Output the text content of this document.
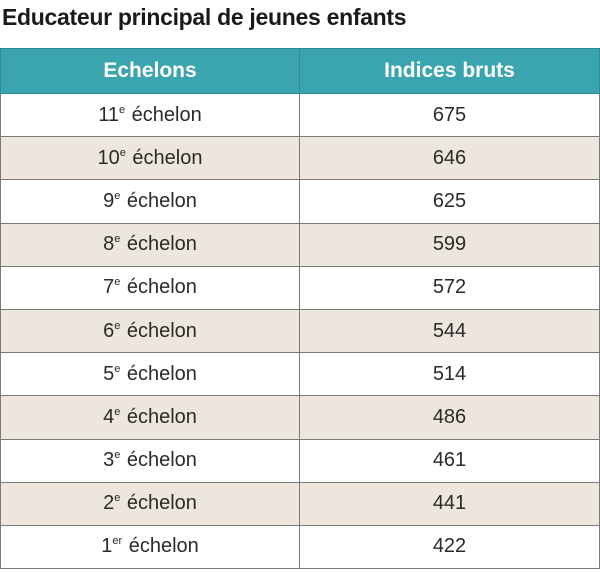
Educateur principal de jeunes enfants
Echelons	Indices bruts
11e échelon	675
10e échelon	646
9e échelon	625
8e échelon	599
7e échelon	572
6e échelon	544
5e échelon	514
4e échelon	486
3e échelon	461
2e échelon	441
1er échelon	422
